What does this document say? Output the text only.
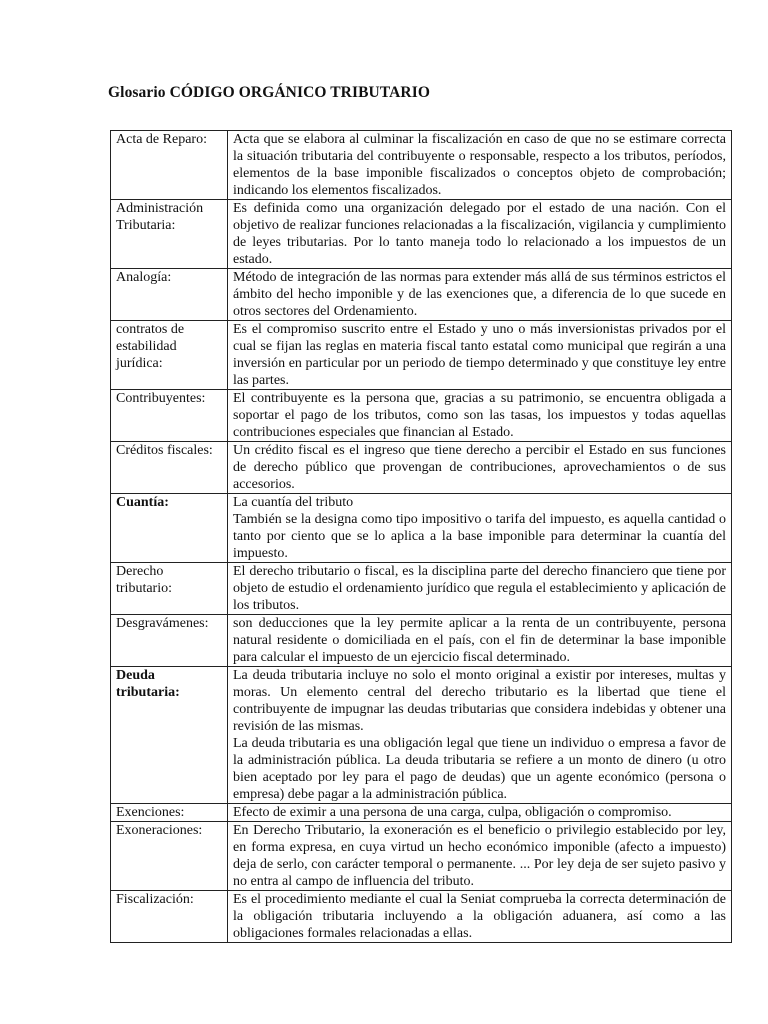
Glosario CÓDIGO ORGÁNICO TRIBUTARIO
Acta de Reparo:	Acta que se elabora al culminar la fiscalización en caso de que no se estimare correcta la situación tributaria del contribuyente o responsable, respecto a los tributos, períodos, elementos de la base imponible fiscalizados o conceptos objeto de comprobación; indicando los elementos fiscalizados.

Administración Tributaria:	Es definida como una organización delegado por el estado de una nación. Con el objetivo de realizar funciones relacionadas a la fiscalización, vigilancia y cumplimiento de leyes tributarias. Por lo tanto maneja todo lo relacionado a los impuestos de un estado.

Analogía:	Método de integración de las normas para extender más allá de sus términos estrictos el ámbito del hecho imponible y de las exenciones que, a diferencia de lo que sucede en otros sectores del Ordenamiento.

contratos de estabilidad jurídica:	Es el compromiso suscrito entre el Estado y uno o más inversionistas privados por el cual se fijan las reglas en materia fiscal tanto estatal como municipal que regirán a una inversión en particular por un periodo de tiempo determinado y que constituye ley entre las partes.

Contribuyentes:	El contribuyente es la persona que, gracias a su patrimonio, se encuentra obligada a soportar el pago de los tributos, como son las tasas, los impuestos y todas aquellas contribuciones especiales que financian al Estado.

Créditos fiscales:	Un crédito fiscal es el ingreso que tiene derecho a percibir el Estado en sus funciones de derecho público que provengan de contribuciones, aprovechamientos o de sus accesorios.

Cuantía:	La cuantía del tributo
También se la designa como tipo impositivo o tarifa del impuesto, es aquella cantidad o tanto por ciento que se lo aplica a la base imponible para determinar la cuantía del impuesto.

Derecho tributario:	El derecho tributario o fiscal, es la disciplina parte del derecho financiero que tiene por objeto de estudio el ordenamiento jurídico que regula el establecimiento y aplicación de los tributos.

Desgravámenes:	son deducciones que la ley permite aplicar a la renta de un contribuyente, persona natural residente o domiciliada en el país, con el fin de determinar la base imponible para calcular el impuesto de un ejercicio fiscal determinado.

Deuda tributaria:	La deuda tributaria incluye no solo el monto original a existir por intereses, multas y moras. Un elemento central del derecho tributario es la libertad que tiene el contribuyente de impugnar las deudas tributarias que considera indebidas y obtener una revisión de las mismas.
La deuda tributaria es una obligación legal que tiene un individuo o empresa a favor de la administración pública. La deuda tributaria se refiere a un monto de dinero (u otro bien aceptado por ley para el pago de deudas) que un agente económico (persona o empresa) debe pagar a la administración pública.

Exenciones:	Efecto de eximir a una persona de una carga, culpa, obligación o compromiso.

Exoneraciones:	En Derecho Tributario, la exoneración es el beneficio o privilegio establecido por ley, en forma expresa, en cuya virtud un hecho económico imponible (afecto a impuesto) deja de serlo, con carácter temporal o permanente. ... Por ley deja de ser sujeto pasivo y no entra al campo de influencia del tributo.

Fiscalización:	Es el procedimiento mediante el cual la Seniat comprueba la correcta determinación de la obligación tributaria incluyendo a la obligación aduanera, así como a las obligaciones formales relacionadas a ellas.
